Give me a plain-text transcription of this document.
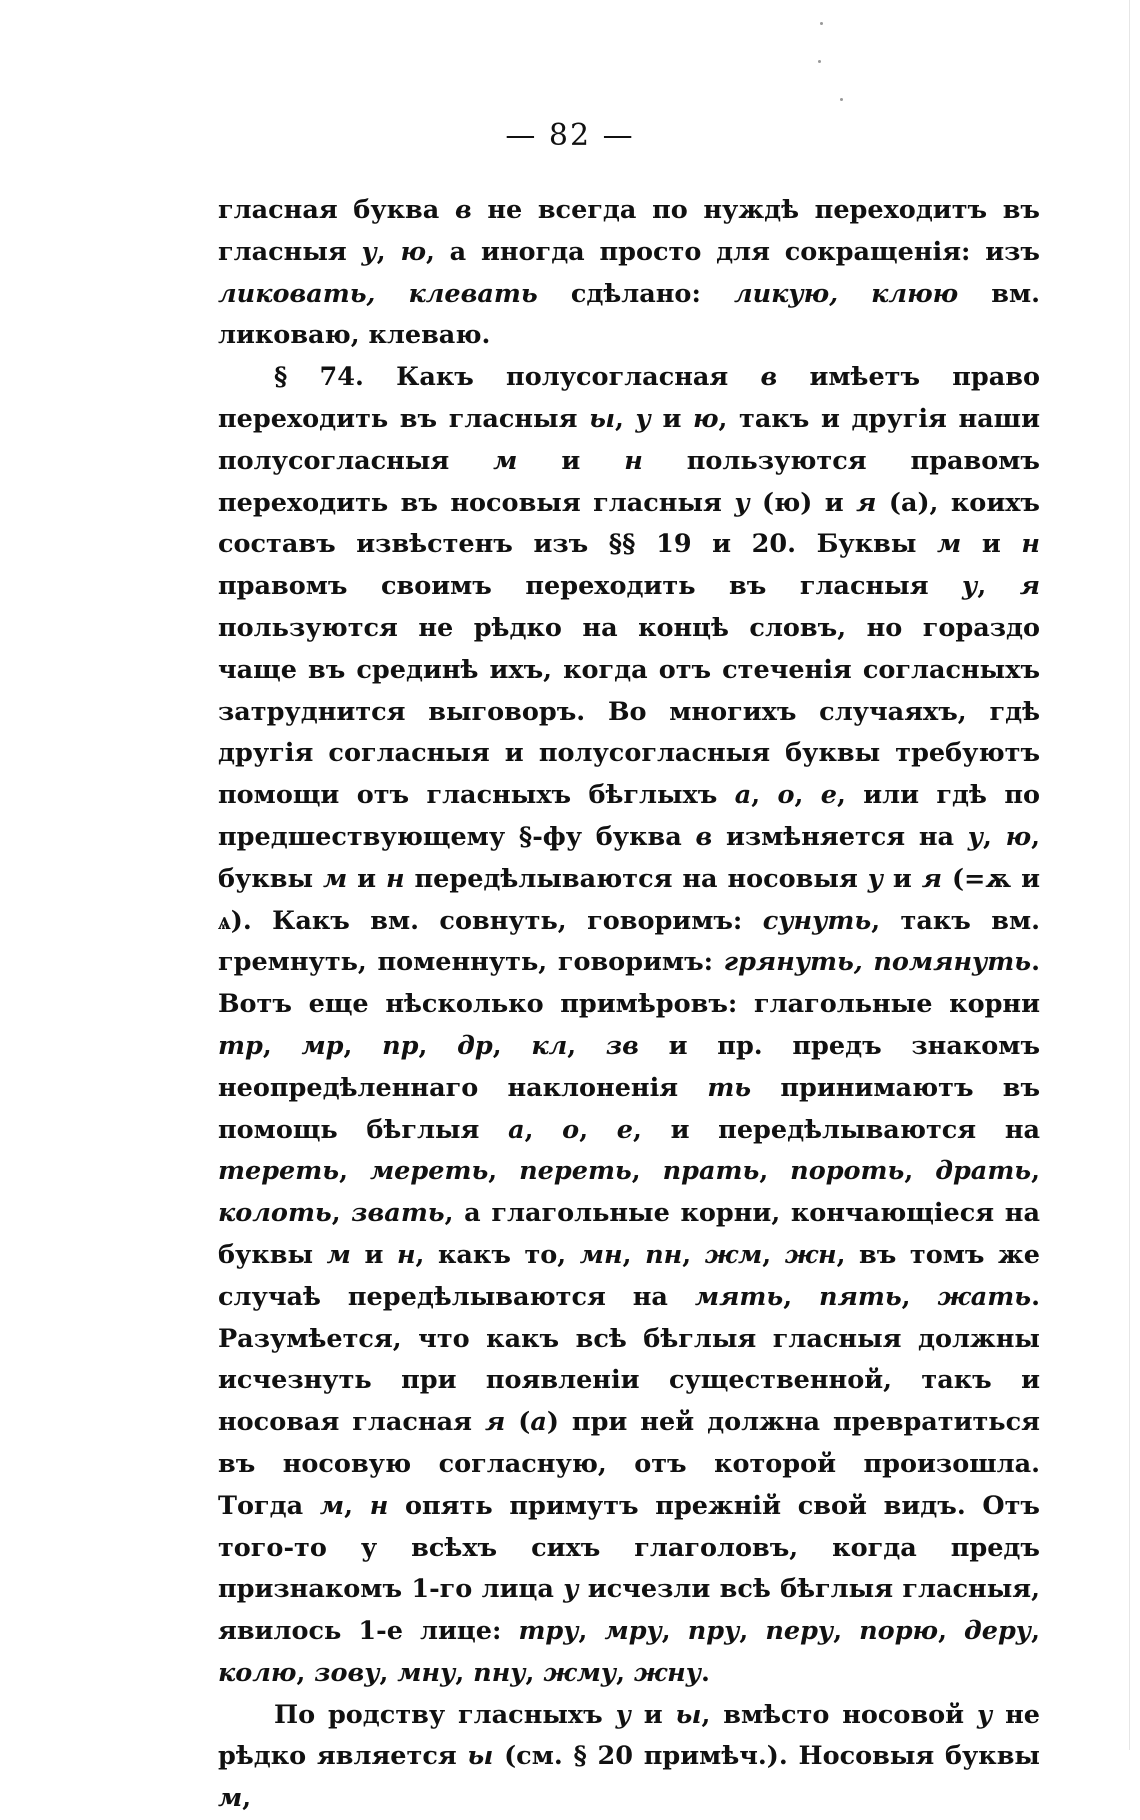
— 82 —

гласная буква в не всегда по нуждѣ переходитъ въ гласныя у, ю, а иногда просто для сокращенія: изъ ликовать, клевать сдѣлано: ликую, клюю вм. ликоваю, клеваю.

§ 74. Какъ полусогласная в имѣетъ право переходить въ гласныя ы, у и ю, такъ и другія наши полусогласныя м и н пользуются правомъ переходить въ носовыя гласныя у (ю) и я (а), коихъ составъ извѣстенъ изъ §§ 19 и 20. Буквы м и н правомъ своимъ переходить въ гласныя у, я пользуются не рѣдко на концѣ словъ, но гораздо чаще въ срединѣ ихъ, когда отъ стеченія согласныхъ затруднится выговоръ. Во многихъ случаяхъ, гдѣ другія согласныя и полусогласныя буквы требуютъ помощи отъ гласныхъ бѣглыхъ а, о, е, или гдѣ по предшествующему §-фу буква в измѣняется на у, ю, буквы м и н передѣлываются на носовыя у и я (=ѫ и ѧ). Какъ вм. совнуть, говоримъ: сунуть, такъ вм. гремнуть, поменнуть, говоримъ: грянуть, помянуть. Вотъ еще нѣсколько примѣровъ: глагольные корни тр, мр, пр, др, кл, зв и пр. предъ знакомъ неопредѣленнаго наклоненія ть принимаютъ въ помощь бѣглыя а, о, е, и передѣлываются на тереть, мереть, переть, прать, пороть, драть, колоть, звать, а глагольные корни, кончающіеся на буквы м и н, какъ то, мн, пн, жм, жн, въ томъ же случаѣ передѣлываются на мять, пять, жать. Разумѣется, что какъ всѣ бѣглыя гласныя должны исчезнуть при появленіи существенной, такъ и носовая гласная я (а) при ней должна превратиться въ носовую согласную, отъ которой произошла. Тогда м, н опять примутъ прежній свой видъ. Отъ того-то у всѣхъ сихъ глаголовъ, когда предъ признакомъ 1-го лица у исчезли всѣ бѣглыя гласныя, явилось 1-е лице: тру, мру, пру, перу, порю, деру, колю, зову, мну, пну, жму, жну.

По родству гласныхъ у и ы, вмѣсто носовой у не рѣдко является ы (см. § 20 примѣч.). Носовыя буквы м,
